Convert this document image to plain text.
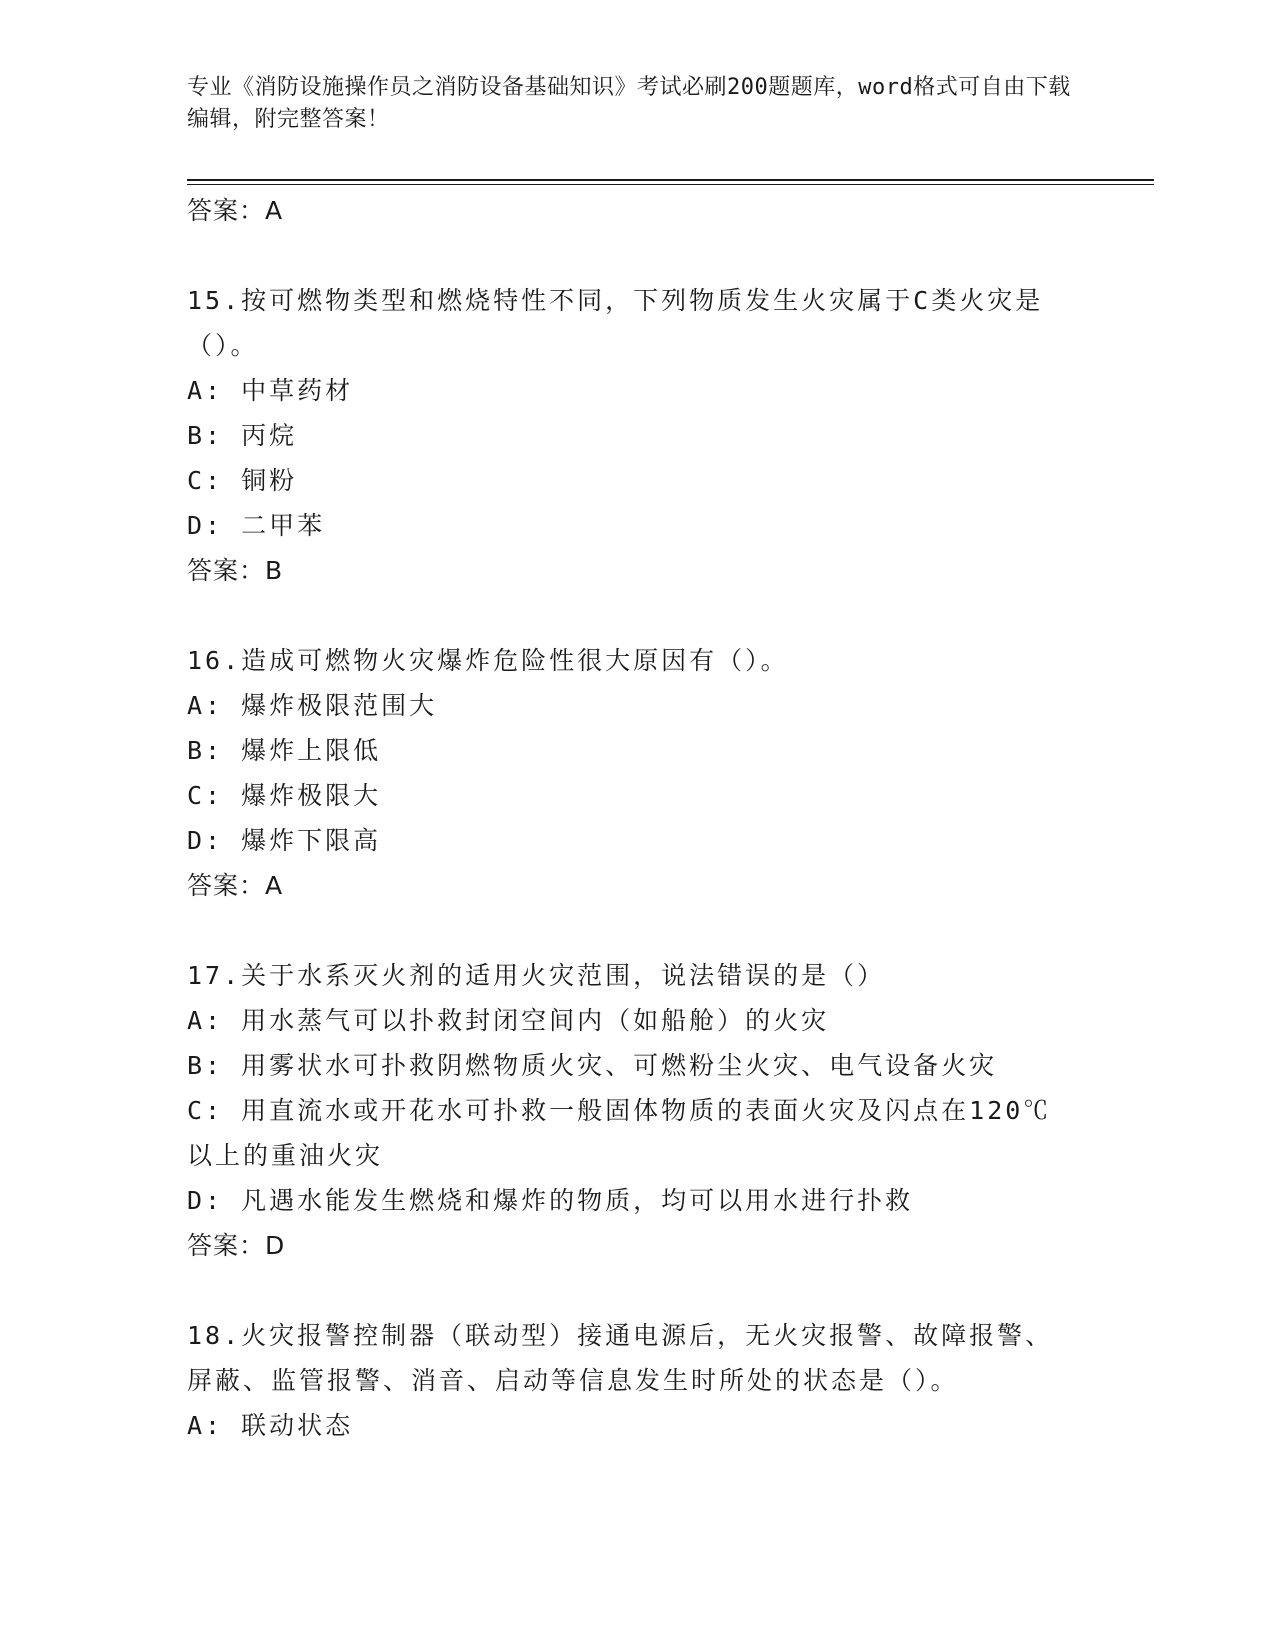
专业《消防设施操作员之消防设备基础知识》考试必刷200题题库，word格式可自由下载编辑，附完整答案！
答案：A
15.按可燃物类型和燃烧特性不同，下列物质发生火灾属于C类火灾是（）。
A: 中草药材
B: 丙烷
C: 铜粉
D: 二甲苯
答案：B
16.造成可燃物火灾爆炸危险性很大原因有（）。
A: 爆炸极限范围大
B: 爆炸上限低
C: 爆炸极限大
D: 爆炸下限高
答案：A
17.关于水系灭火剂的适用火灾范围，说法错误的是（）
A: 用水蒸气可以扑救封闭空间内（如船舱）的火灾
B: 用雾状水可扑救阴燃物质火灾、可燃粉尘火灾、电气设备火灾
C: 用直流水或开花水可扑救一般固体物质的表面火灾及闪点在120℃以上的重油火灾
D: 凡遇水能发生燃烧和爆炸的物质，均可以用水进行扑救
答案：D
18.火灾报警控制器（联动型）接通电源后，无火灾报警、故障报警、屏蔽、监管报警、消音、启动等信息发生时所处的状态是（）。
A: 联动状态
